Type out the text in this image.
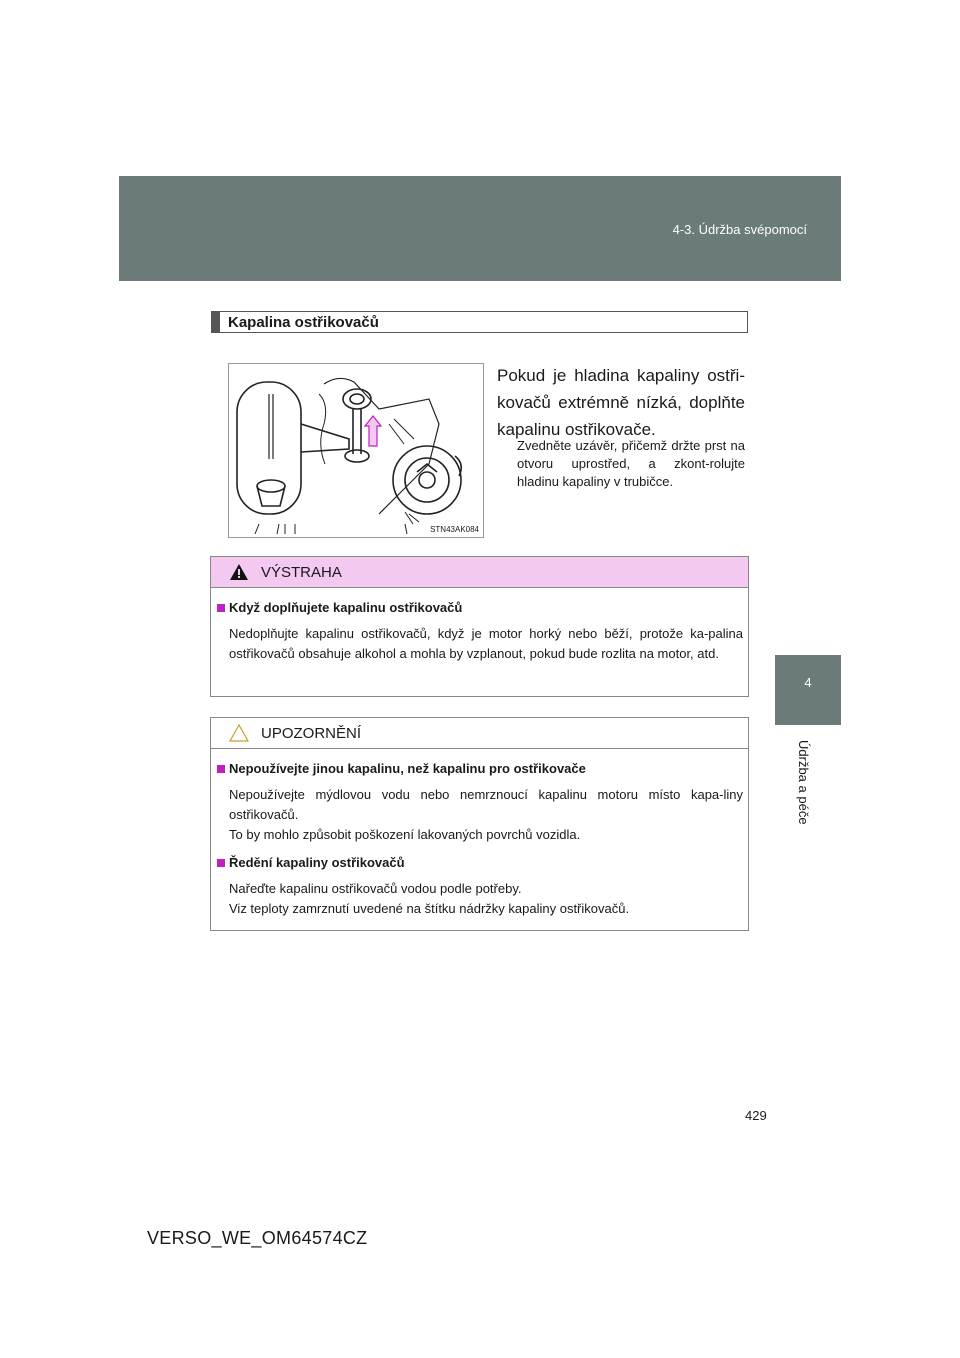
4-3. Údržba svépomocí
4
Údržba a péče
Kapalina ostřikovačů
STN43AK084
Pokud je hladina kapaliny ostři-kovačů extrémně nízká, doplňte kapalinu ostřikovače.
Zvedněte uzávěr, přičemž držte prst na otvoru uprostřed, a zkont-rolujte hladinu kapaliny v trubičce.
VÝSTRAHA
Když doplňujete kapalinu ostřikovačů
Nedoplňujte kapalinu ostřikovačů, když je motor horký nebo běží, protože ka-palina ostřikovačů obsahuje alkohol a mohla by vzplanout, pokud bude rozlita na motor, atd.
UPOZORNĚNÍ
Nepoužívejte jinou kapalinu, než kapalinu pro ostřikovače
Nepoužívejte mýdlovou vodu nebo nemrznoucí kapalinu motoru místo kapa-liny ostřikovačů.
To by mohlo způsobit poškození lakovaných povrchů vozidla.
Ředění kapaliny ostřikovačů
Nařeďte kapalinu ostřikovačů vodou podle potřeby.
Viz teploty zamrznutí uvedené na štítku nádržky kapaliny ostřikovačů.
429
VERSO_WE_OM64574CZ
